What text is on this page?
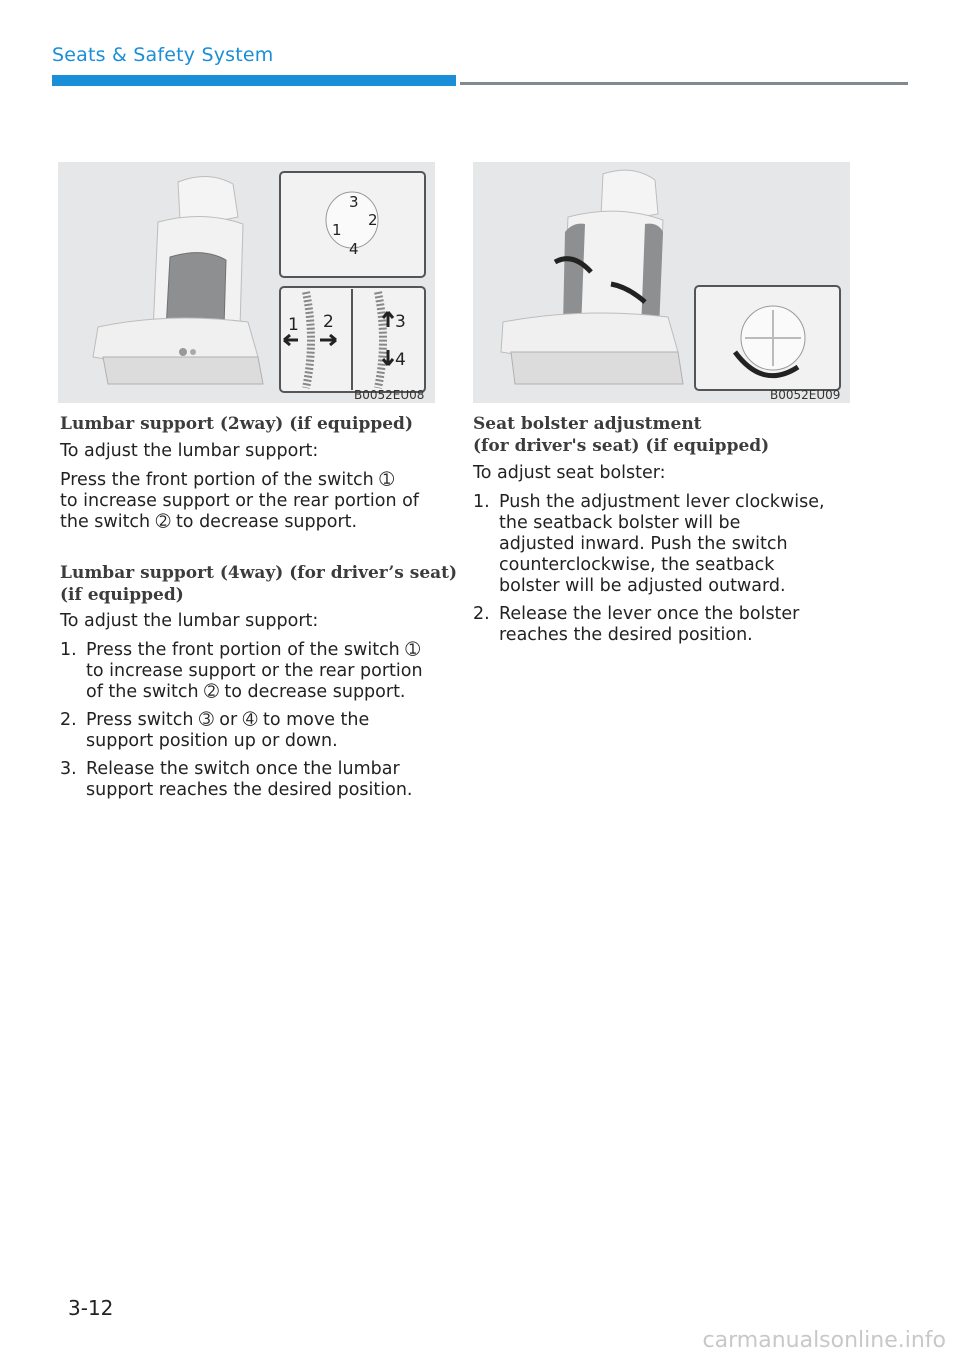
Seats & Safety System
3
2
1
4
1 2	3
4
B0052EU08	B0052EU09
Lumbar support (2way) (if equipped)
To adjust the lumbar support:
Press the front portion of the switch ➀
to increase support or the rear portion of
the switch ➁ to decrease support.
Lumbar support (4way) (for driver’s seat)
(if equipped)
To adjust the lumbar support:
1. Press the front portion of the switch ➀
to increase support or the rear portion
of the switch ➁ to decrease support.
2. Press switch ➂ or ➃ to move the
support position up or down.
3. Release the switch once the lumbar
support reaches the desired position.
Seat bolster adjustment
(for driver's seat) (if equipped)
To adjust seat bolster:
1. Push the adjustment lever clockwise,
the seatback bolster will be
adjusted inward. Push the switch
counterclockwise, the seatback
bolster will be adjusted outward.
2. Release the lever once the bolster
reaches the desired position.
3-12
carmanualsonline.info
